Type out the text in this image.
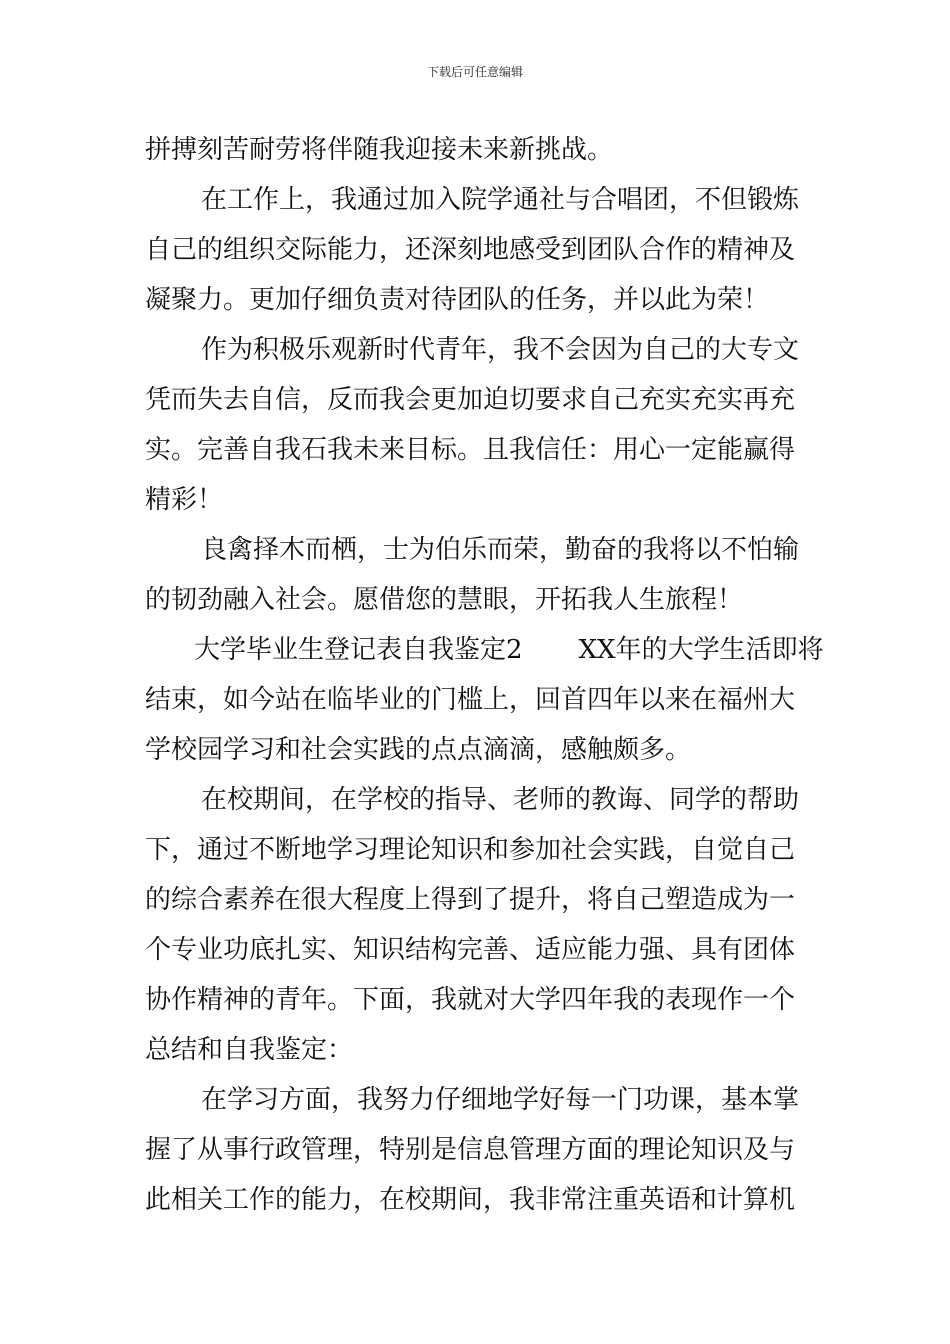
下载后可任意编辑
拼搏刻苦耐劳将伴随我迎接未来新挑战。
在工作上，我通过加入院学通社与合唱团，不但锻炼
自己的组织交际能力，还深刻地感受到团队合作的精神及
凝聚力。更加仔细负责对待团队的任务，并以此为荣！
作为积极乐观新时代青年，我不会因为自己的大专文
凭而失去自信，反而我会更加迫切要求自己充实充实再充
实。完善自我石我未来目标。且我信任：用心一定能赢得
精彩！
良禽择木而栖，士为伯乐而荣，勤奋的我将以不怕输
的韧劲融入社会。愿借您的慧眼，开拓我人生旅程！
大学毕业生登记表自我鉴定2 XX年的大学生活即将
结束，如今站在临毕业的门槛上，回首四年以来在福州大
学校园学习和社会实践的点点滴滴，感触颇多。
在校期间，在学校的指导、老师的教诲、同学的帮助
下，通过不断地学习理论知识和参加社会实践，自觉自己
的综合素养在很大程度上得到了提升，将自己塑造成为一
个专业功底扎实、知识结构完善、适应能力强、具有团体
协作精神的青年。下面，我就对大学四年我的表现作一个
总结和自我鉴定：
在学习方面，我努力仔细地学好每一门功课，基本掌
握了从事行政管理，特别是信息管理方面的理论知识及与
此相关工作的能力，在校期间，我非常注重英语和计算机
